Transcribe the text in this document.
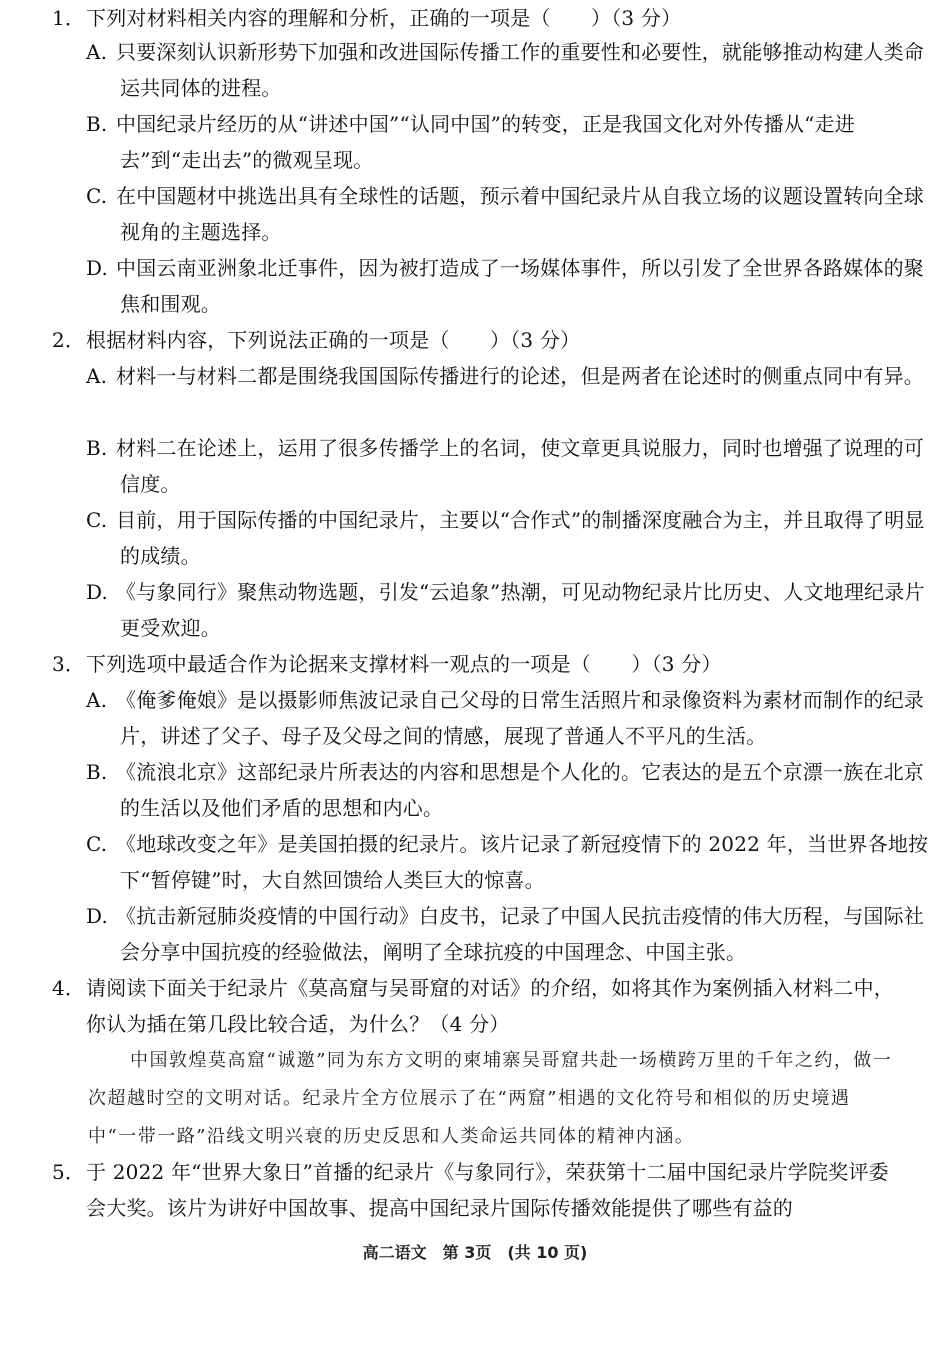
1．下列对材料相关内容的理解和分析，正确的一项是（　　）（3 分）
A. 只要深刻认识新形势下加强和改进国际传播工作的重要性和必要性，就能够推动构建人类命运共同体的进程。
B. 中国纪录片经历的从“讲述中国”“认同中国”的转变，正是我国文化对外传播从“走进去”到“走出去”的微观呈现。
C. 在中国题材中挑选出具有全球性的话题，预示着中国纪录片从自我立场的议题设置转向全球视角的主题选择。
D. 中国云南亚洲象北迁事件，因为被打造成了一场媒体事件，所以引发了全世界各路媒体的聚焦和围观。
2．根据材料内容，下列说法正确的一项是（　　）（3 分）
A. 材料一与材料二都是围绕我国国际传播进行的论述，但是两者在论述时的侧重点同中有异。
B. 材料二在论述上，运用了很多传播学上的名词，使文章更具说服力，同时也增强了说理的可信度。
C. 目前，用于国际传播的中国纪录片，主要以“合作式”的制播深度融合为主，并且取得了明显的成绩。
D. 《与象同行》聚焦动物选题，引发“云追象”热潮，可见动物纪录片比历史、人文地理纪录片更受欢迎。
3．下列选项中最适合作为论据来支撑材料一观点的一项是（　　）（3 分）
A. 《俺爹俺娘》是以摄影师焦波记录自己父母的日常生活照片和录像资料为素材而制作的纪录片，讲述了父子、母子及父母之间的情感，展现了普通人不平凡的生活。
B. 《流浪北京》这部纪录片所表达的内容和思想是个人化的。它表达的是五个京漂一族在北京的生活以及他们矛盾的思想和内心。
C. 《地球改变之年》是美国拍摄的纪录片。该片记录了新冠疫情下的 2022 年，当世界各地按下“暂停键”时，大自然回馈给人类巨大的惊喜。
D. 《抗击新冠肺炎疫情的中国行动》白皮书，记录了中国人民抗击疫情的伟大历程，与国际社会分享中国抗疫的经验做法，阐明了全球抗疫的中国理念、中国主张。
4．请阅读下面关于纪录片《莫高窟与吴哥窟的对话》的介绍，如将其作为案例插入材料二中，你认为插在第几段比较合适，为什么？（4 分）
中国敦煌莫高窟“诚邀”同为东方文明的柬埔寨吴哥窟共赴一场横跨万里的千年之约，做一次超越时空的文明对话。纪录片全方位展示了在“两窟”相遇的文化符号和相似的历史境遇中“一带一路”沿线文明兴衰的历史反思和人类命运共同体的精神内涵。
5．于 2022 年“世界大象日”首播的纪录片《与象同行》，荣获第十二届中国纪录片学院奖评委会大奖。该片为讲好中国故事、提高中国纪录片国际传播效能提供了哪些有益的
高二语文　第 3页　(共 10 页)
